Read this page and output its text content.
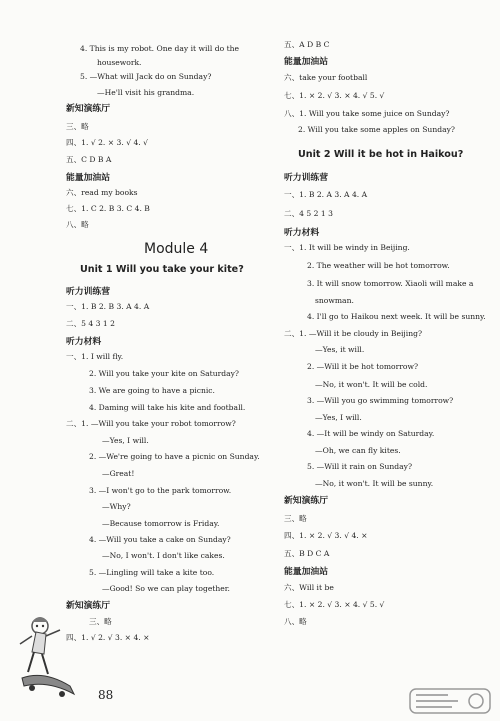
Module 4
Unit 1 Will you take your kite?
4. This is my robot. One day it will do the
housework.
5. —What will Jack do on Sunday?
—He'll visit his grandma.
新知演练厅
三、略
四、1. √ 2. × 3. √ 4. √
五、C D B A
能量加油站
六、read my books
七、1. C 2. B 3. C 4. B
八、略
听力训练营
一、1. B 2. B 3. A 4. A
二、5 4 3 1 2
听力材料
一、1. I will fly.
2. Will you take your kite on Saturday?
3. We are going to have a picnic.
4. Daming will take his kite and football.
二、1. —Will you take your robot tomorrow?
—Yes, I will.
2. —We're going to have a picnic on Sunday.
—Great!
3. —I won't go to the park tomorrow.
—Why?
—Because tomorrow is Friday.
4. —Will you take a cake on Sunday?
—No, I won't. I don't like cakes.
5. —Lingling will take a kite too.
—Good! So we can play together.
新知演练厅
三、略
四、1. √ 2. √ 3. × 4. ×
Unit 2 Will it be hot in Haikou?
五、A D B C
能量加油站
六、take your football
七、1. × 2. √ 3. × 4. √ 5. √
八、1. Will you take some juice on Sunday?
2. Will you take some apples on Sunday?
听力训练营
一、1. B 2. A 3. A 4. A
二、4 5 2 1 3
听力材料
一、1. It will be windy in Beijing.
2. The weather will be hot tomorrow.
3. It will snow tomorrow. Xiaoli will make a
snowman.
4. I'll go to Haikou next week. It will be sunny.
二、1. —Will it be cloudy in Beijing?
—Yes, it will.
2. —Will it be hot tomorrow?
—No, it won't. It will be cold.
3. —Will you go swimming tomorrow?
—Yes, I will.
4. —It will be windy on Saturday.
—Oh, we can fly kites.
5. —Will it rain on Sunday?
—No, it won't. It will be sunny.
新知演练厅
三、略
四、1. × 2. √ 3. √ 4. ×
五、B D C A
能量加油站
六、Will it be
七、1. × 2. √ 3. × 4. √ 5. √
八、略
88
